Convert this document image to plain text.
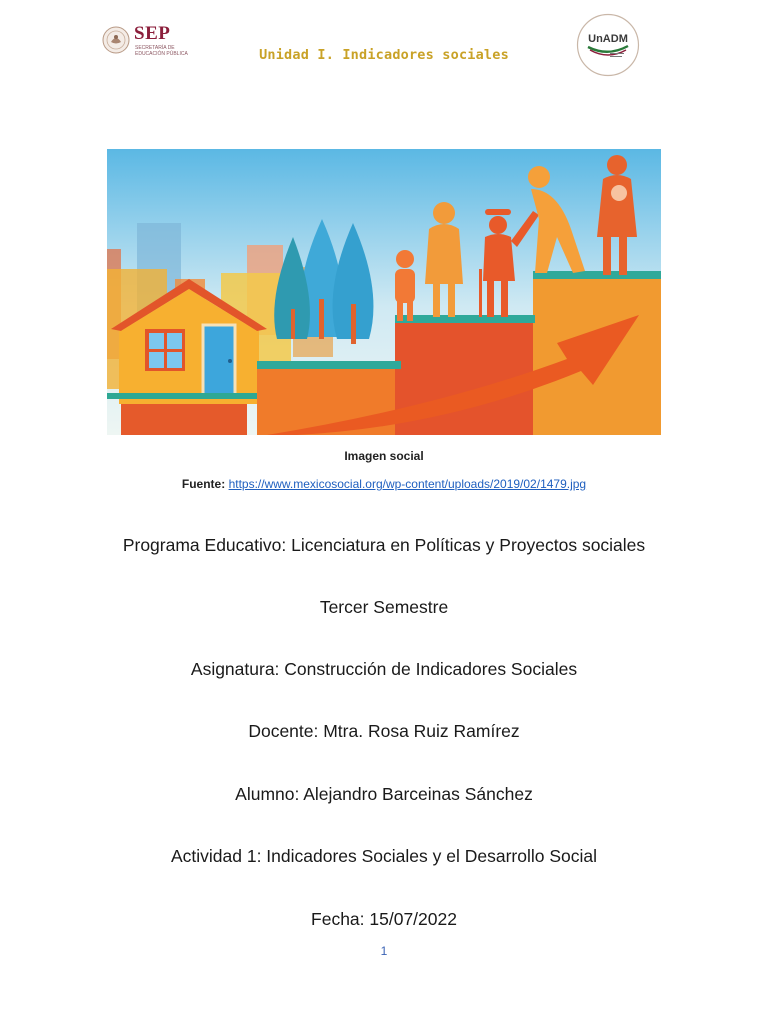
SEP
SECRETARÍA DE EDUCACIÓN PÚBLICA	Unidad I. Indicadores sociales
UnADM
Imagen social
Fuente: https://www.mexicosocial.org/wp-content/uploads/2019/02/1479.jpg
Programa Educativo: Licenciatura en Políticas y Proyectos sociales
Tercer Semestre
Asignatura: Construcción de Indicadores Sociales
Docente: Mtra. Rosa Ruiz Ramírez
Alumno: Alejandro Barceinas Sánchez
Actividad 1: Indicadores Sociales y el Desarrollo Social
Fecha: 15/07/2022
1
